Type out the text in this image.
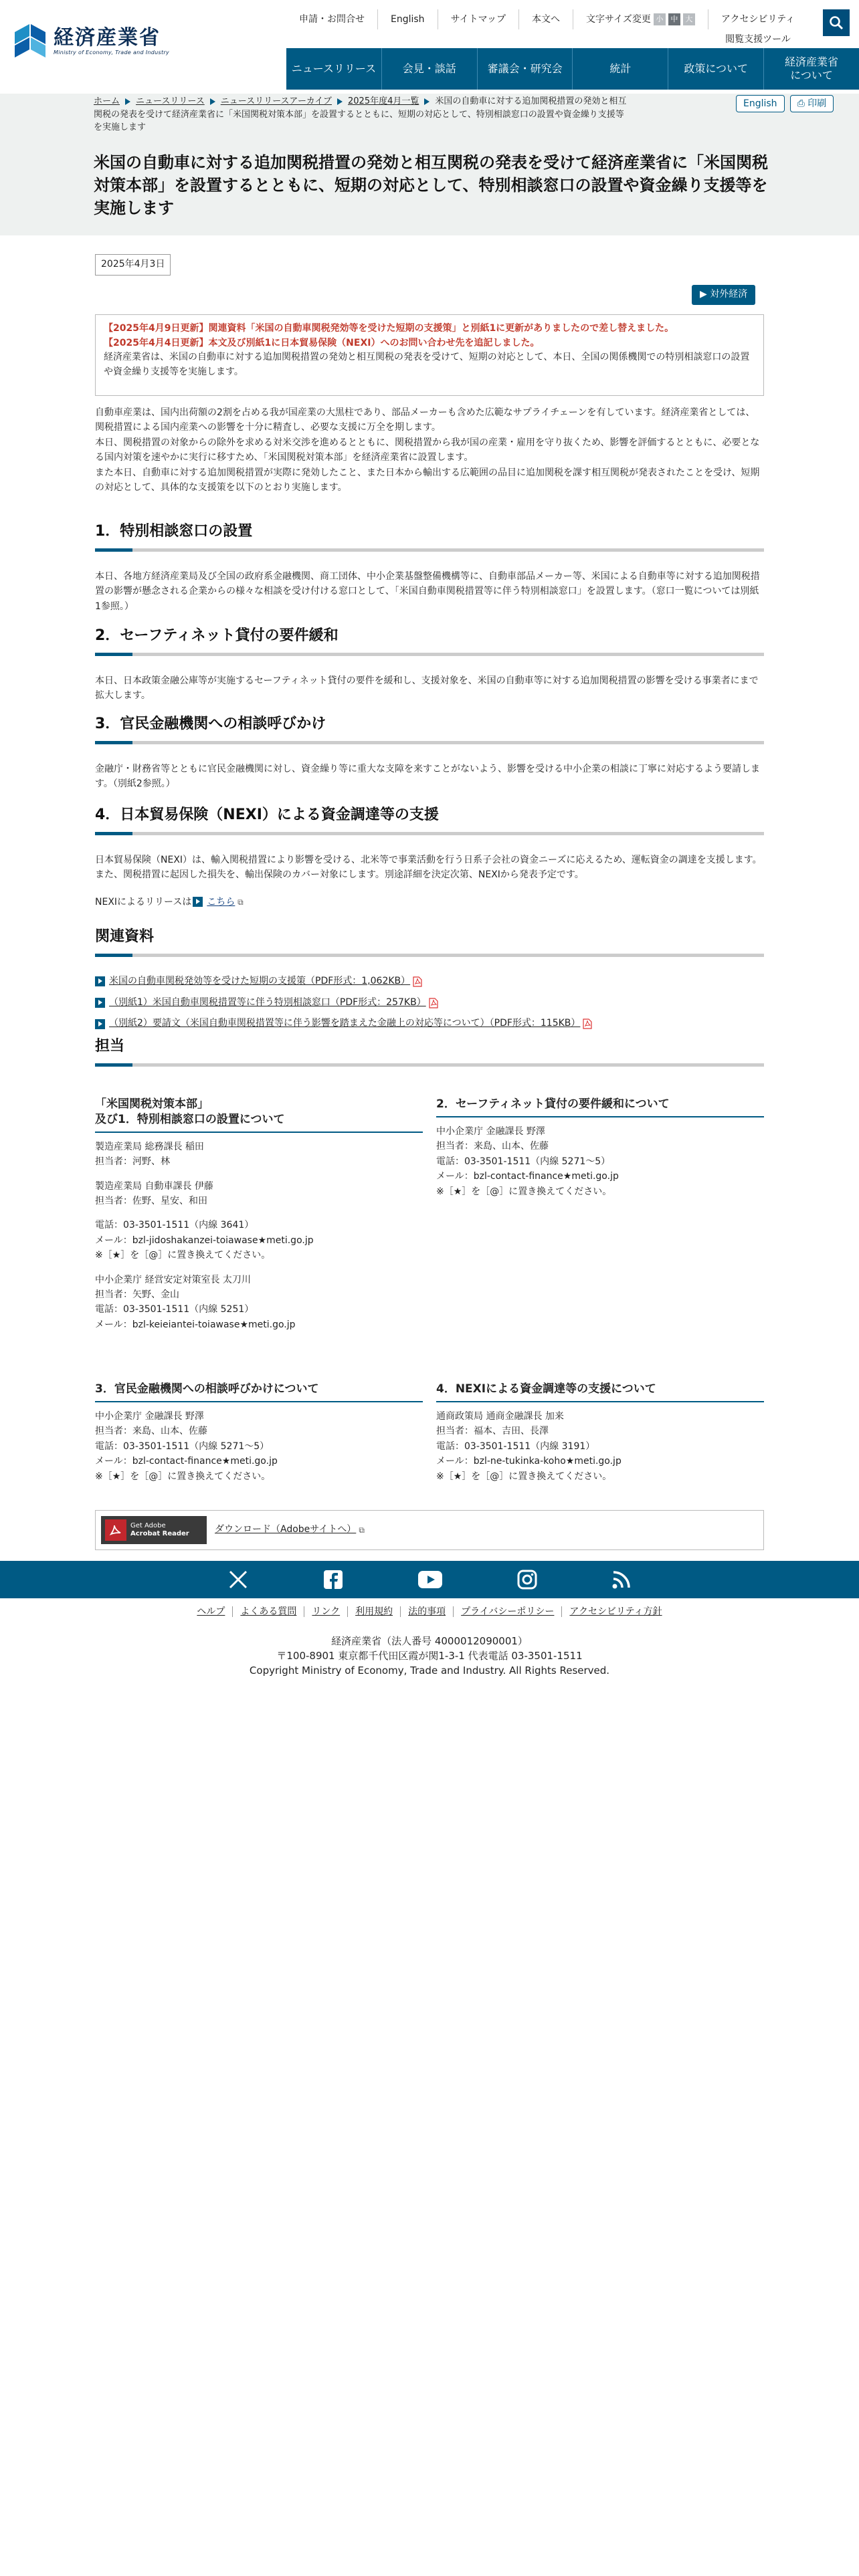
経済産業省
Ministry of Economy, Trade and Industry
申請・お問合せ	English	サイトマップ	本文へ	文字サイズ変更 小	中	大	アクセシビリティ
閲覧支援ツール
ニュースリリース	会見・談話	審議会・研究会	統計	政策について
経済産業省
について
ホーム ニュースリリース ニュースリリースアーカイブ 2025年度4月一覧 米国の自動車に対する追加関税措置の発効と相互関税の発表を受けて経済産業省に「米国関税対策本部」を設置するとともに、短期の対応として、特別相談窓口の設置や資金繰り支援等を実施します
English	⎙ 印刷
米国の自動車に対する追加関税措置の発効と相互関税の発表を受けて経済産業省に「米国関税対策本部」を設置するとともに、短期の対応として、特別相談窓口の設置や資金繰り支援等を実施します
2025年4月3日
▶ 対外経済
【2025年4月9日更新】関連資料「米国の自動車関税発効等を受けた短期の支援策」と別紙1に更新がありましたので差し替えました。
【2025年4月4日更新】本文及び別紙1に日本貿易保険（NEXI）へのお問い合わせ先を追記しました。
経済産業省は、米国の自動車に対する追加関税措置の発効と相互関税の発表を受けて、短期の対応として、本日、全国の関係機関での特別相談窓口の設置や資金繰り支援等を実施します。

自動車産業は、国内出荷額の2割を占める我が国産業の大黒柱であり、部品メーカーも含めた広範なサプライチェーンを有しています。経済産業省としては、関税措置による国内産業への影響を十分に精査し、必要な支援に万全を期します。

本日、関税措置の対象からの除外を求める対米交渉を進めるとともに、関税措置から我が国の産業・雇用を守り抜くため、影響を評価するとともに、必要となる国内対策を速やかに実行に移すため、「米国関税対策本部」を経済産業省に設置します。

また本日、自動車に対する追加関税措置が実際に発効したこと、また日本から輸出する広範囲の品目に追加関税を課す相互関税が発表されたことを受け、短期の対応として、具体的な支援策を以下のとおり実施します。

1．特別相談窓口の設置

本日、各地方経済産業局及び全国の政府系金融機関、商工団体、中小企業基盤整備機構等に、自動車部品メーカー等、米国による自動車等に対する追加関税措置の影響が懸念される企業からの様々な相談を受け付ける窓口として、「米国自動車関税措置等に伴う特別相談窓口」を設置します。（窓口一覧については別紙1参照。）

2．セーフティネット貸付の要件緩和

本日、日本政策金融公庫等が実施するセーフティネット貸付の要件を緩和し、支援対象を、米国の自動車等に対する追加関税措置の影響を受ける事業者にまで拡大します。

3．官民金融機関への相談呼びかけ

金融庁・財務省等とともに官民金融機関に対し、資金繰り等に重大な支障を来すことがないよう、影響を受ける中小企業の相談に丁寧に対応するよう要請します。（別紙2参照。）

4．日本貿易保険（NEXI）による資金調達等の支援

日本貿易保険（NEXI）は、輸入関税措置により影響を受ける、北米等で事業活動を行う日系子会社の資金ニーズに応えるため、運転資金の調達を支援します。また、関税措置に起因した損失を、輸出保険のカバー対象にします。別途詳細を決定次第、NEXIから発表予定です。

NEXIによるリリースは こちら ⧉

関連資料
米国の自動車関税発効等を受けた短期の支援策（PDF形式：1,062KB）
（別紙1）米国自動車関税措置等に伴う特別相談窓口（PDF形式：257KB）
（別紙2）要請文（米国自動車関税措置等に伴う影響を踏まえた金融上の対応等について）（PDF形式：115KB）
担当
「米国関税対策本部」
及び1．特別相談窓口の設置について
製造産業局 総務課長 稲田
担当者：河野、林
製造産業局 自動車課長 伊藤
担当者：佐野、星安、和田
電話：03-3501-1511（内線 3641）
メール：bzl-jidoshakanzei-toiawase★meti.go.jp
※［★］を［@］に置き換えてください。
中小企業庁 経営安定対策室長 太刀川
担当者：矢野、金山
電話：03-3501-1511（内線 5251）
メール：bzl-keieiantei-toiawase★meti.go.jp
2．セーフティネット貸付の要件緩和について
中小企業庁 金融課長 野澤
担当者：来島、山本、佐藤
電話：03-3501-1511（内線 5271～5）
メール：bzl-contact-finance★meti.go.jp
※［★］を［@］に置き換えてください。
3．官民金融機関への相談呼びかけについて
中小企業庁 金融課長 野澤
担当者：来島、山本、佐藤
電話：03-3501-1511（内線 5271～5）
メール：bzl-contact-finance★meti.go.jp
※［★］を［@］に置き換えてください。
4．NEXIによる資金調達等の支援について
通商政策局 通商金融課長 加来
担当者：福本、吉田、長澤
電話：03-3501-1511（内線 3191）
メール：bzl-ne-tukinka-koho★meti.go.jp
※［★］を［@］に置き換えてください。
Get Adobe
Acrobat Reader	ダウンロード（Adobeサイトへ） ⧉
ヘルプ	よくある質問	リンク	利用規約	法的事項	プライバシーポリシー	アクセシビリティ方針
経済産業省（法人番号 4000012090001）
〒100-8901 東京都千代田区霞が関1-3-1 代表電話 03-3501-1511
Copyright Ministry of Economy, Trade and Industry. All Rights Reserved.
